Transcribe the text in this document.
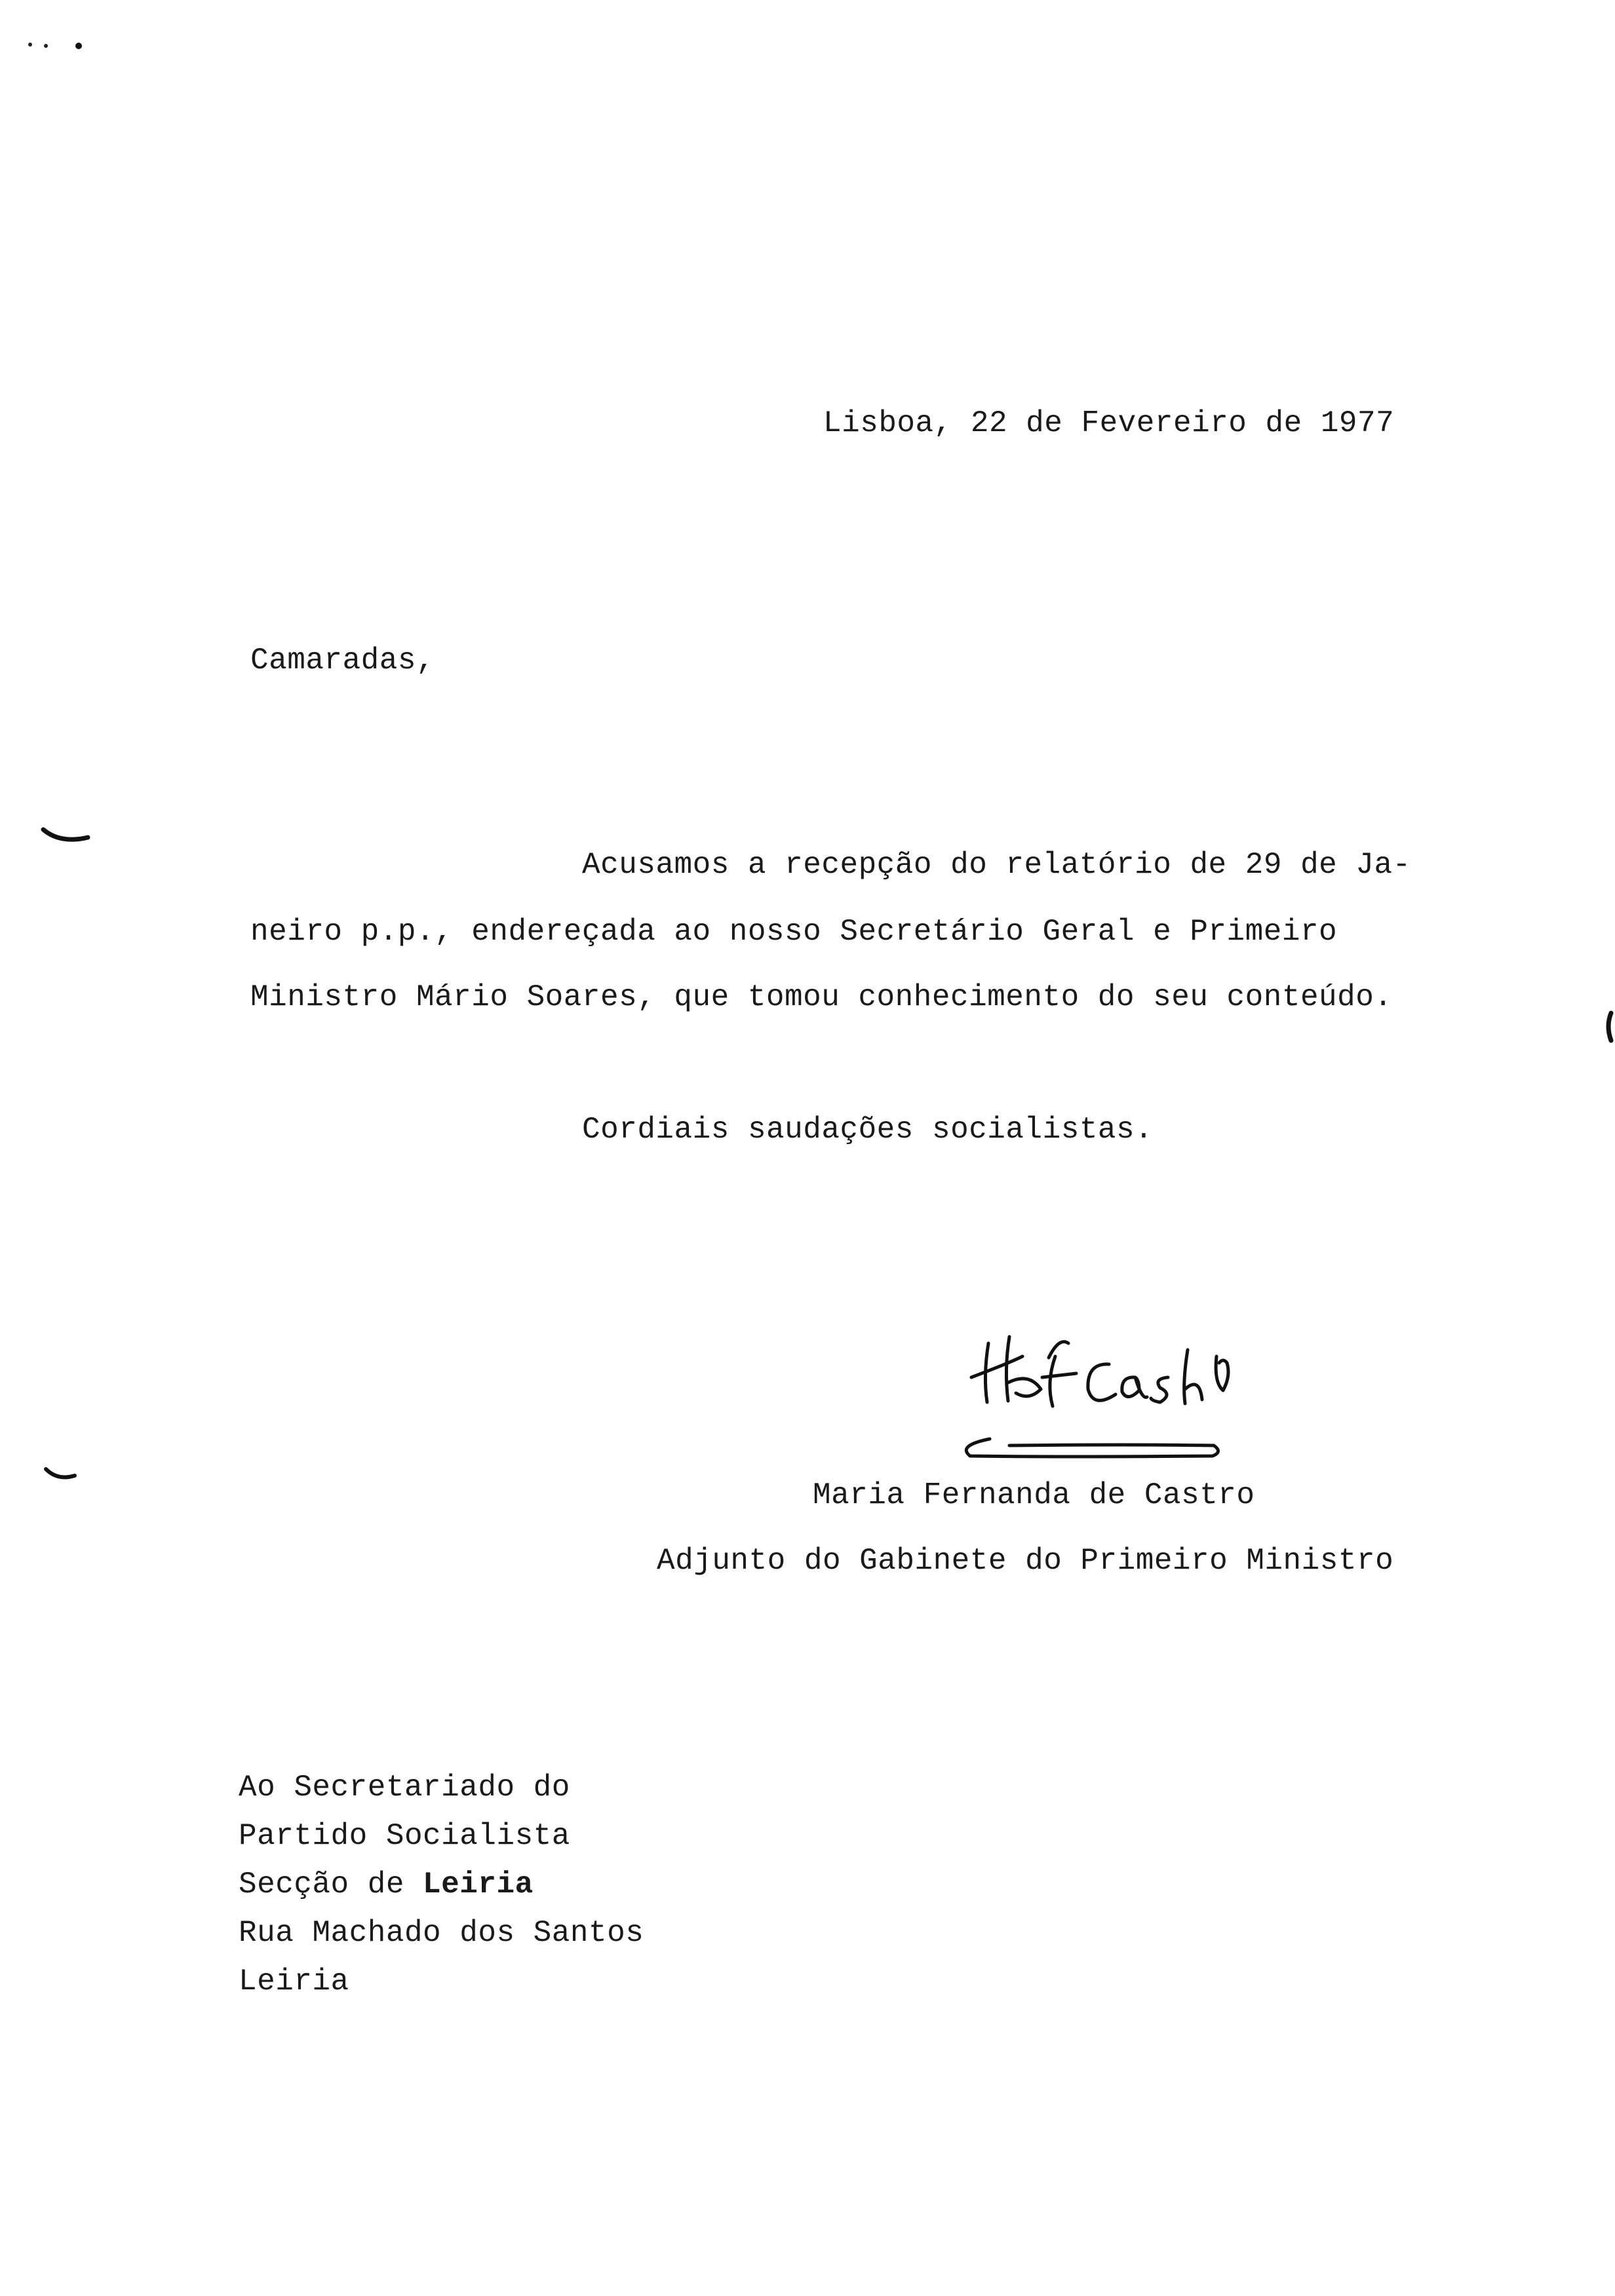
Lisboa, 22 de Fevereiro de 1977
Camaradas,
Acusamos a recepção do relatório de 29 de Ja-
neiro p.p., endereçada ao nosso Secretário Geral e Primeiro
Ministro Mário Soares, que tomou conhecimento do seu conteúdo.
Cordiais saudações socialistas.
Maria Fernanda de Castro
Adjunto do Gabinete do Primeiro Ministro
Ao Secretariado do
Partido Socialista
Secção de Leiria
Rua Machado dos Santos
Leiria
